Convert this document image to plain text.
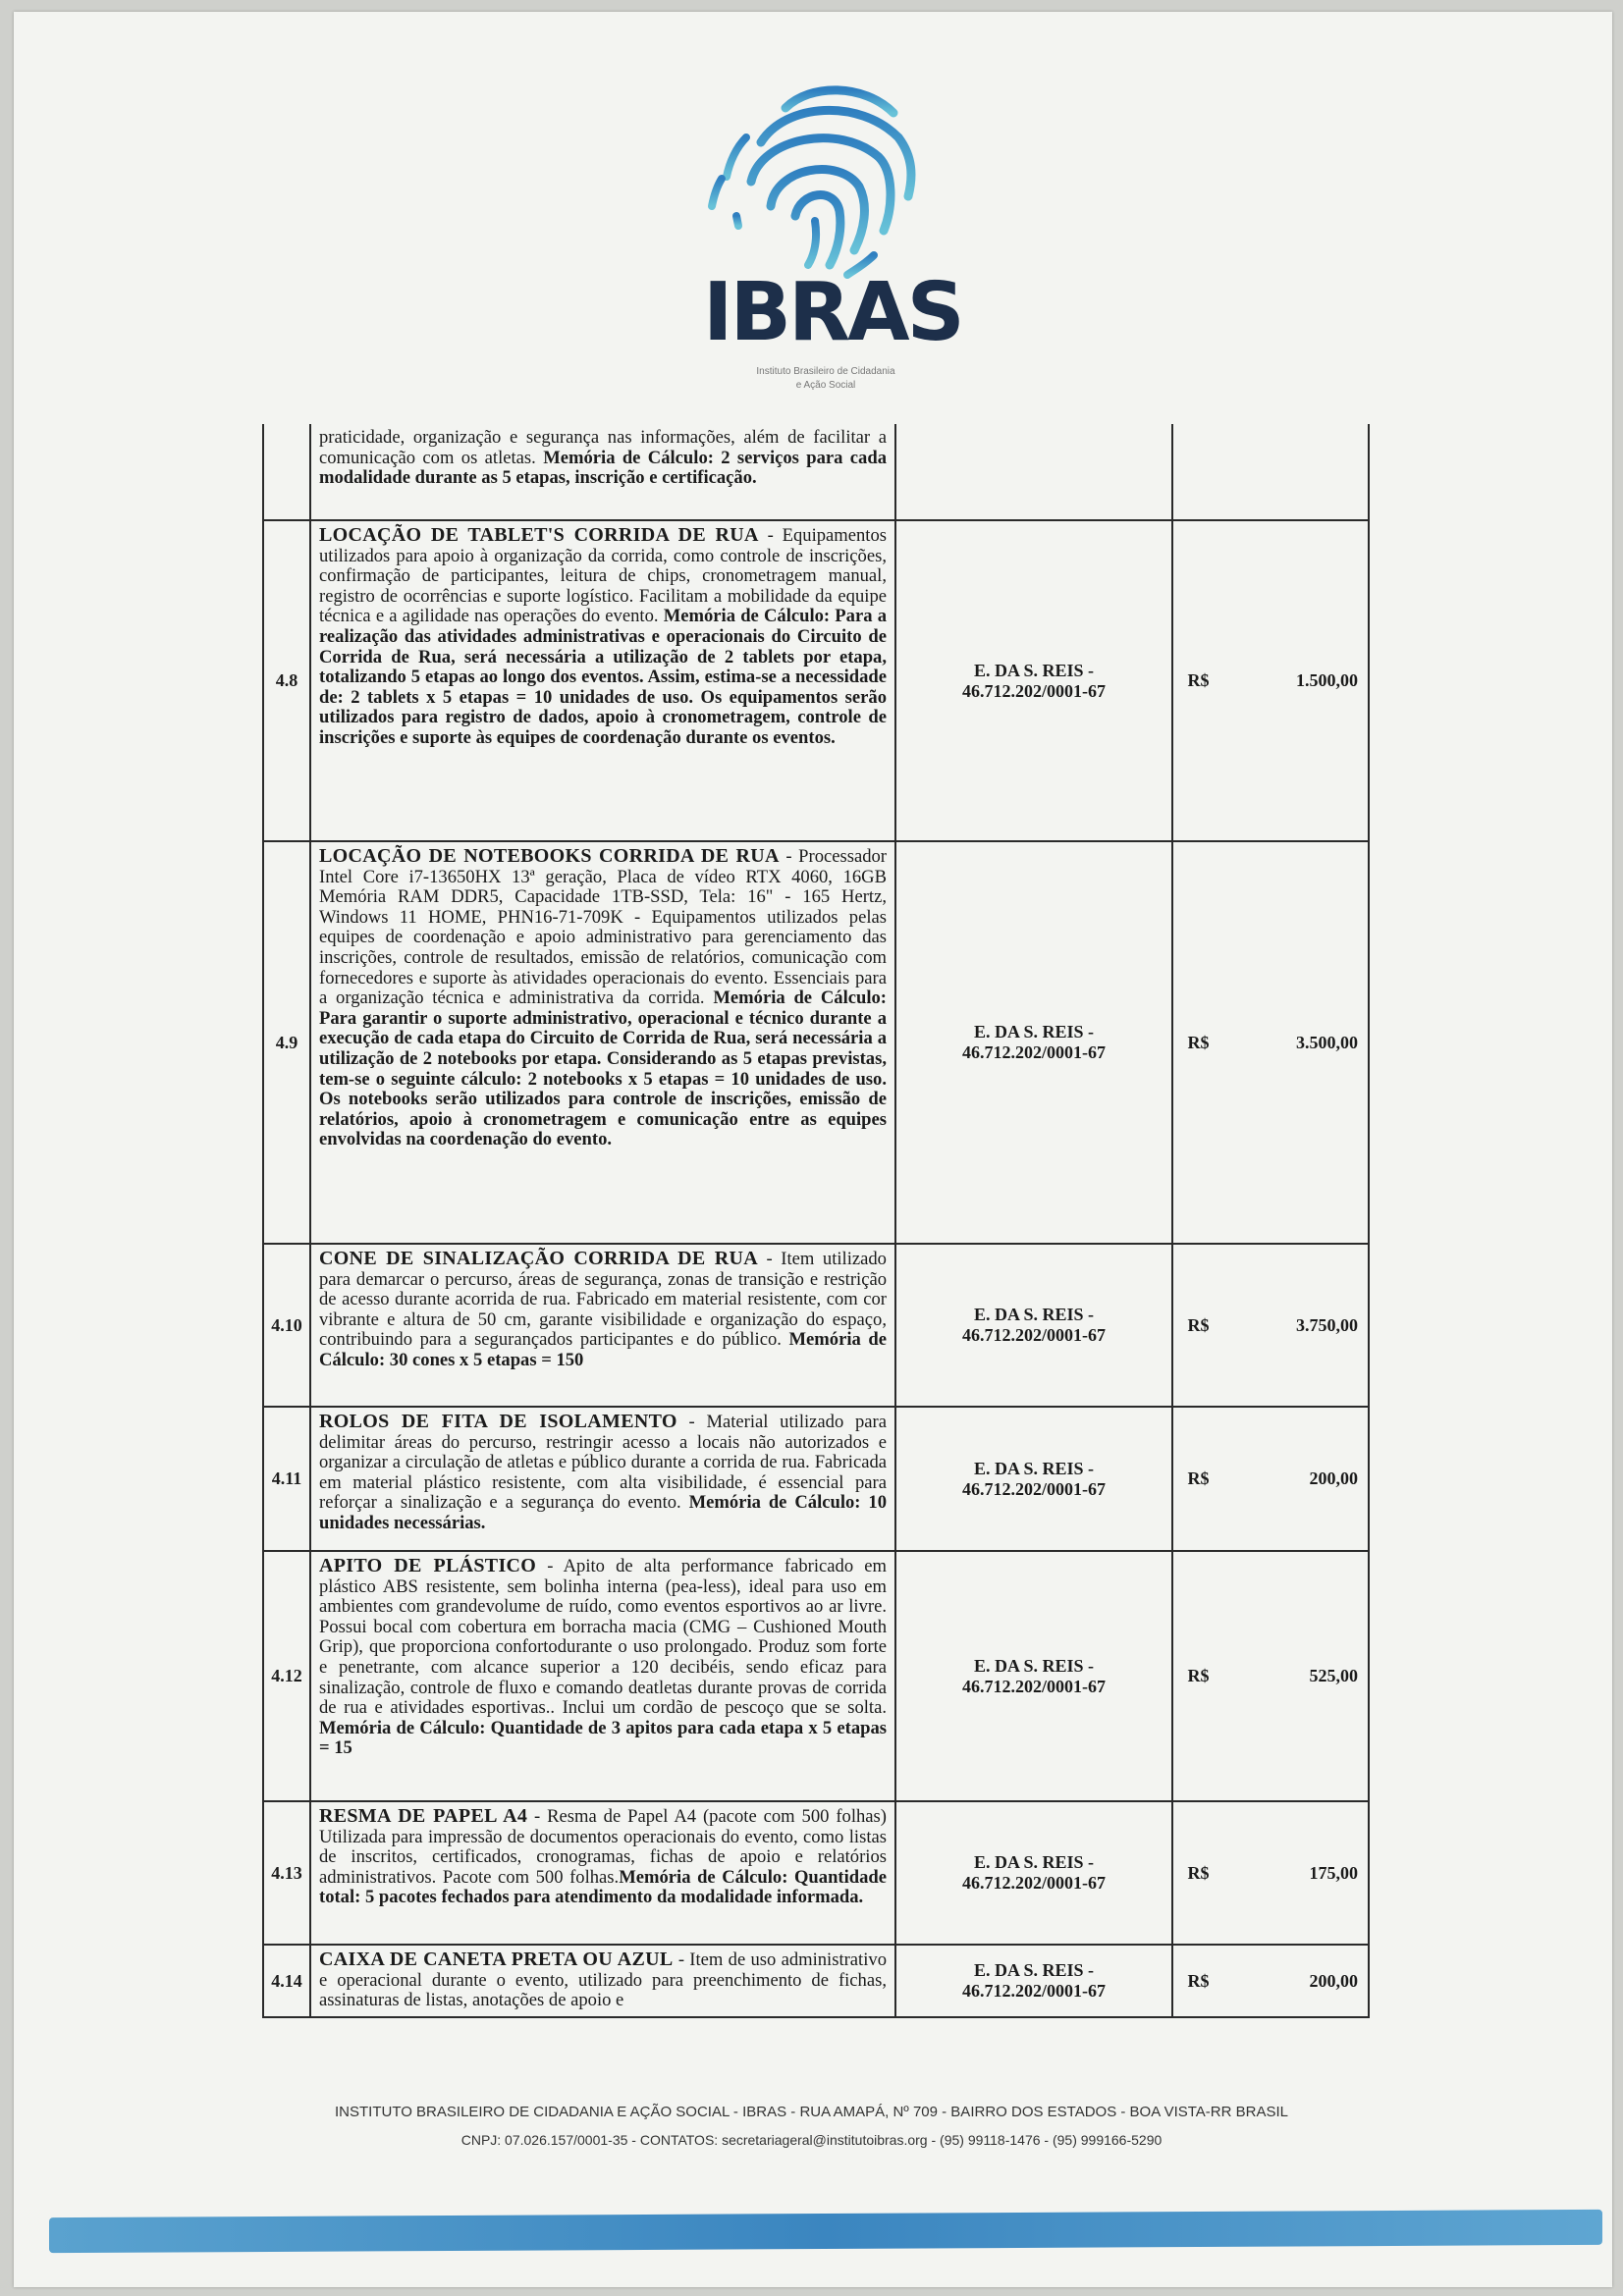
IBRAS
Instituto Brasileiro de Cidadania
e Ação Social
	praticidade, organização e segurança nas informações, além de facilitar a comunicação com os atletas. Memória de Cálculo: 2 serviços para cada modalidade durante as 5 etapas, inscrição e certificação.	

4.8	LOCAÇÃO DE TABLET'S CORRIDA DE RUA - Equipamentos utilizados para apoio à organização da corrida, como controle de inscrições, confirmação de participantes, leitura de chips, cronometragem manual, registro de ocorrências e suporte logístico. Facilitam a mobilidade da equipe técnica e a agilidade nas operações do evento. Memória de Cálculo: Para a realização das atividades administrativas e operacionais do Circuito de Corrida de Rua, será necessária a utilização de 2 tablets por etapa, totalizando 5 etapas ao longo dos eventos. Assim, estima-se a necessidade de: 2 tablets x 5 etapas = 10 unidades de uso. Os equipamentos serão utilizados para registro de dados, apoio à cronometragem, controle de inscrições e suporte às equipes de coordenação durante os eventos.	E. DA S. REIS -
46.712.202/0001-67	R$	1.500,00
4.9	LOCAÇÃO DE NOTEBOOKS CORRIDA DE RUA - Processador Intel Core i7-13650HX 13ª geração, Placa de vídeo RTX 4060, 16GB Memória RAM DDR5, Capacidade 1TB-SSD, Tela: 16" - 165 Hertz, Windows 11 HOME, PHN16-71-709K - Equipamentos utilizados pelas equipes de coordenação e apoio administrativo para gerenciamento das inscrições, controle de resultados, emissão de relatórios, comunicação com fornecedores e suporte às atividades operacionais do evento. Essenciais para a organização técnica e administrativa da corrida. Memória de Cálculo: Para garantir o suporte administrativo, operacional e técnico durante a execução de cada etapa do Circuito de Corrida de Rua, será necessária a utilização de 2 notebooks por etapa. Considerando as 5 etapas previstas, tem-se o seguinte cálculo: 2 notebooks x 5 etapas = 10 unidades de uso. Os notebooks serão utilizados para controle de inscrições, emissão de relatórios, apoio à cronometragem e comunicação entre as equipes envolvidas na coordenação do evento.	E. DA S. REIS -
46.712.202/0001-67	R$	3.500,00
4.10	CONE DE SINALIZAÇÃO CORRIDA DE RUA - Item utilizado para demarcar o percurso, áreas de segurança, zonas de transição e restrição de acesso durante acorrida de rua. Fabricado em material resistente, com cor vibrante e altura de 50 cm, garante visibilidade e organização do espaço, contribuindo para a segurançados participantes e do público. Memória de Cálculo: 30 cones x 5 etapas = 150	E. DA S. REIS -
46.712.202/0001-67	R$	3.750,00
4.11	ROLOS DE FITA DE ISOLAMENTO - Material utilizado para delimitar áreas do percurso, restringir acesso a locais não autorizados e organizar a circulação de atletas e público durante a corrida de rua. Fabricada em material plástico resistente, com alta visibilidade, é essencial para reforçar a sinalização e a segurança do evento. Memória de Cálculo: 10 unidades necessárias.	E. DA S. REIS -
46.712.202/0001-67	R$	200,00
4.12	APITO DE PLÁSTICO - Apito de alta performance fabricado em plástico ABS resistente, sem bolinha interna (pea-less), ideal para uso em ambientes com grandevolume de ruído, como eventos esportivos ao ar livre. Possui bocal com cobertura em borracha macia (CMG – Cushioned Mouth Grip), que proporciona confortodurante o uso prolongado. Produz som forte e penetrante, com alcance superior a 120 decibéis, sendo eficaz para sinalização, controle de fluxo e comando deatletas durante provas de corrida de rua e atividades esportivas.. Inclui um cordão de pescoço que se solta. Memória de Cálculo: Quantidade de 3 apitos para cada etapa x 5 etapas = 15	E. DA S. REIS -
46.712.202/0001-67	R$	525,00
4.13	RESMA DE PAPEL A4 - Resma de Papel A4 (pacote com 500 folhas) Utilizada para impressão de documentos operacionais do evento, como listas de inscritos, certificados, cronogramas, fichas de apoio e relatórios administrativos. Pacote com 500 folhas.Memória de Cálculo: Quantidade total: 5 pacotes fechados para atendimento da modalidade informada.	E. DA S. REIS -
46.712.202/0001-67	R$	175,00
4.14	CAIXA DE CANETA PRETA OU AZUL - Item de uso administrativo e operacional durante o evento, utilizado para preenchimento de fichas, assinaturas de listas, anotações de apoio e	E. DA S. REIS -
46.712.202/0001-67	R$	200,00
INSTITUTO BRASILEIRO DE CIDADANIA E AÇÃO SOCIAL - IBRAS - RUA AMAPÁ, Nº 709 - BAIRRO DOS ESTADOS - BOA VISTA-RR BRASIL
CNPJ: 07.026.157/0001-35 - CONTATOS: secretariageral@institutoibras.org - (95) 99118-1476 - (95) 999166-5290
